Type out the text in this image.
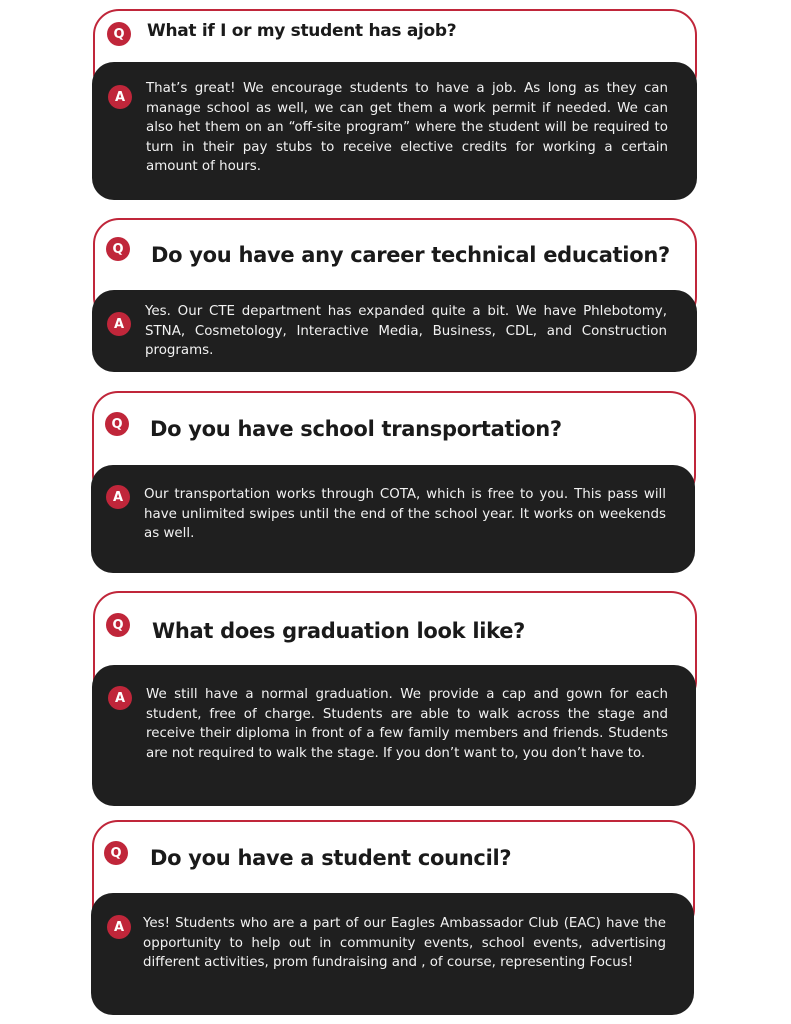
Q	What if I or my student has ajob?
A
That’s great! We encourage students to have a job. As long as they can manage school as well, we can get them a work permit if needed. We can also het them on an “off-site program” where the student will be required to turn in their pay stubs to receive elective credits for working a certain amount of hours.
Q	Do you have any career technical education?
A
Yes. Our CTE department has expanded quite a bit. We have Phlebotomy, STNA, Cosmetology, Interactive Media, Business, CDL, and Construction programs.
Q	Do you have school transportation?
A	Our transportation works through COTA, which is free to you. This pass will have unlimited swipes until the end of the school year. It works on weekends as well.
Q	What does graduation look like?
A	We still have a normal graduation. We provide a cap and gown for each student, free of charge. Students are able to walk across the stage and receive their diploma in front of a few family members and friends. Students are not required to walk the stage. If you don’t want to, you don’t have to.
Q	Do you have a student council?
A	Yes! Students who are a part of our Eagles Ambassador Club (EAC) have the opportunity to help out in community events, school events, advertising different activities, prom fundraising and , of course, representing Focus!
